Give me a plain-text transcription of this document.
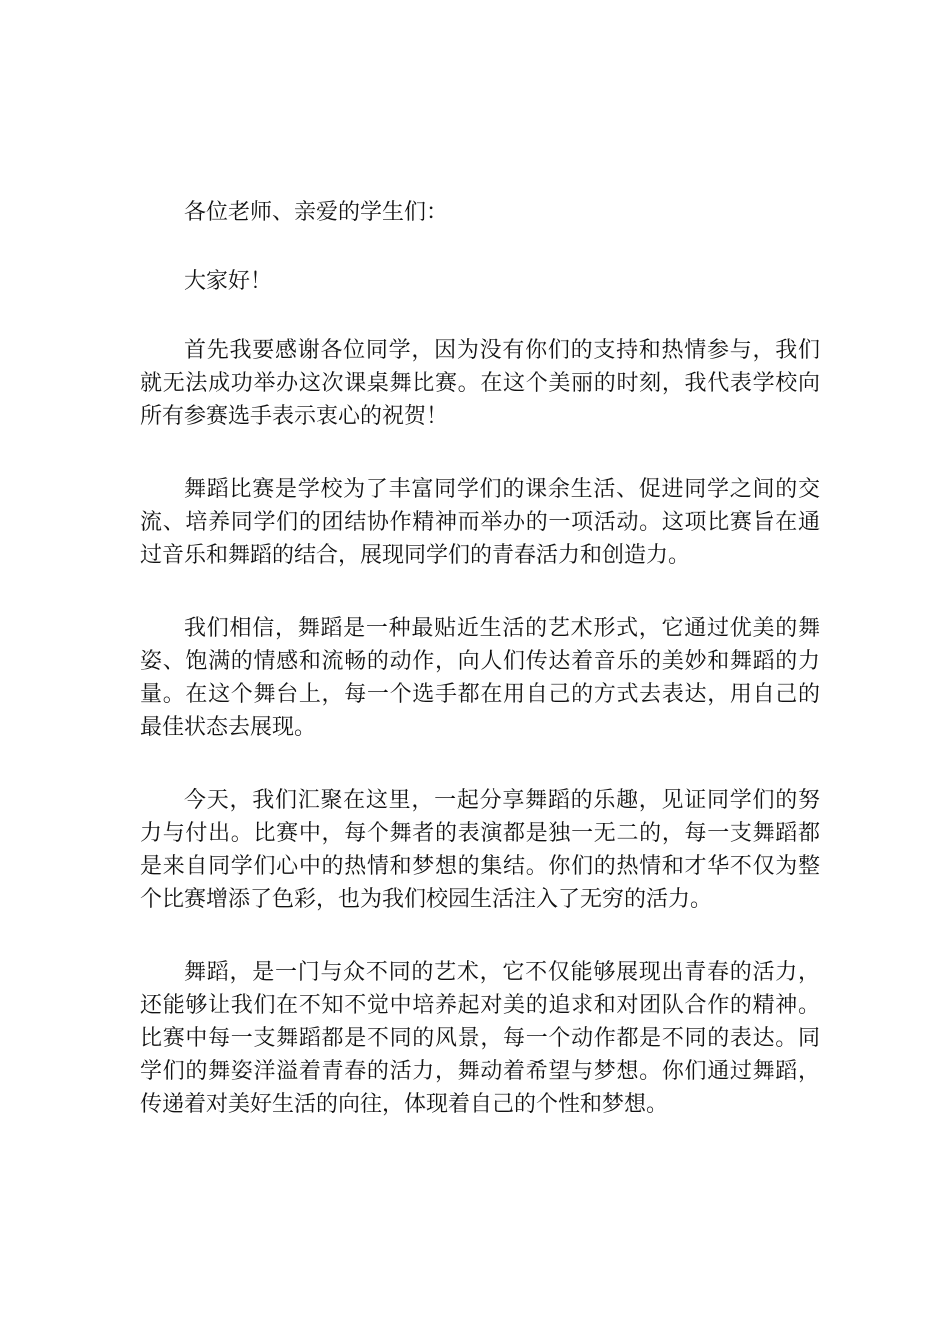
各位老师、亲爱的学生们：

大家好！

首先我要感谢各位同学，因为没有你们的支持和热情参与，我们就无法成功举办这次课桌舞比赛。在这个美丽的时刻，我代表学校向所有参赛选手表示衷心的祝贺！

舞蹈比赛是学校为了丰富同学们的课余生活、促进同学之间的交流、培养同学们的团结协作精神而举办的一项活动。这项比赛旨在通过音乐和舞蹈的结合，展现同学们的青春活力和创造力。

我们相信，舞蹈是一种最贴近生活的艺术形式，它通过优美的舞姿、饱满的情感和流畅的动作，向人们传达着音乐的美妙和舞蹈的力量。在这个舞台上，每一个选手都在用自己的方式去表达，用自己的最佳状态去展现。

今天，我们汇聚在这里，一起分享舞蹈的乐趣，见证同学们的努力与付出。比赛中，每个舞者的表演都是独一无二的，每一支舞蹈都是来自同学们心中的热情和梦想的集结。你们的热情和才华不仅为整个比赛增添了色彩，也为我们校园生活注入了无穷的活力。

舞蹈，是一门与众不同的艺术，它不仅能够展现出青春的活力，还能够让我们在不知不觉中培养起对美的追求和对团队合作的精神。比赛中每一支舞蹈都是不同的风景，每一个动作都是不同的表达。同学们的舞姿洋溢着青春的活力，舞动着希望与梦想。你们通过舞蹈，传递着对美好生活的向往，体现着自己的个性和梦想。
